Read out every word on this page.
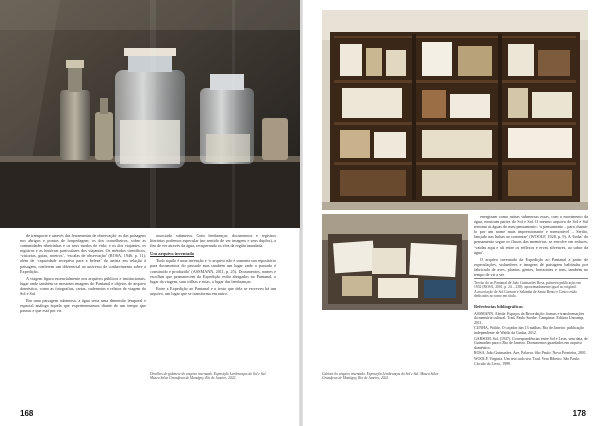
de transporte e através das ferramentas de observação: as das paisagens nos abrigos e pontos de hospedagem; os dos conselheiros, sobre as comunidades ribeirinhas e os seus modos de vida; e os dos viajantes, os registros e as histórias particulares dos viajantes. Os métodos científicos, ‘vistorias, guias, roteiros’, ‘escalas de observação’ (ROSA, 1946, p. 11), além de ‘capacidade receptiva para a beleza’ do artista em relação à paisagem, conferem um diferencial ao universo de conhecimento sobre a Expedição.

A viagem figura essencialmente nos arquivos públicos e institucionais, lugar onde também se mostram imagens do Pantanal e objetos de arquivo doméstico, como as fotografias, cartas, cadernetas e relatos de viagem do Sol e Sal.

Em uma paisagem submersa, a água seria uma dimensão temporal e espacial análoga àquela que experimentamos diante de um tempo que passou e que está por vir.

associado submersa. Com lembranças, documentos e registros literários podemos especular (no sentido de ver imagens e seus duplos), a fim de ver através da água, recuperando os elos da região inundada.

Um arquivo inventado

Tudo aquilo é uma invenção e ‘o arquivo não é somente um repositório para documentos do passado mas também um lugar onde o passado é construído e produzido’ (ASSMANN, 2011, p. 25). Documentos, nomes e escolhas que permanecem da Expedição estão abrigados no Pantanal, o lugar da viagem, suas trilhas e rotas, o lugar das lembranças.

Entre a Expedição ao Pantanal e o texto que dela se escreveu há um arquivo, um lugar que se transforma em outro.

Detalhes do gabinete do arquivo inventado. Exposição Lembranças do Sol e Sal. Museu Solar Grandjean de Montigny, Rio de Janeiro, 2022.
168

energizam como ruínas submersas essas, com o movimento da água, mostram partes do Sol e Sal. O mesmo arquivo de Sol e Sal termina as águas do meu pensamento: ‘o pensamento – para chamá-lo por um nome mais impressionante e memorável – Sertão, lançado nas linhas ao comentar’ (WOOLF, 1928, p. 9). A ‘linha’ do pensamento segue os fluxos das memórias, se envolve em enlaces, ‘vaidas aqui e ali entre os reflexos e ervas silvestres, ao sabor da água’.

O arquivo inventado da Expedição ao Pantanal a partir de especulações, vislumbres e imagens de paisagens habitadas por fabricado de aves, plantas, gentes, horizontes e tons, também no tempo de vir a ser.

Trecho do ao Pantanal de João Guimarães Rosa, primeira publicação em 1952 (ROSA, 2001, p. 24 – 238); aproximadamente igual ao original.
A associação de Sol Garsom e Salamba de Santa Bento e Castro estão dedicados no tomo em título.
Referências bibliográficas

ASSMANN, Aleida. Espaços da Recordação: formas e transformações da memória cultural. Trad. Paulo Soethe. Campinas: Editora Unicamp, 2011.

CUNHA, Waldo. O caçador das 13 malhas. Rio de Janeiro: publicação independente de Waldo da Cunha, 2012.

GARSOM, Sol. (1947). Correspondências entre Sol e Leon, sem data, de Guimarães para o Rio de Janeiro. Documentos guardados em arquivo doméstico.

ROSA, João Guimarães. Ave, Palavra. São Paulo: Nova Fronteira, 2001.

WOOLF, Virginia. Um teto todo seu. Trad. Vera Ribeiro. São Paulo: Círculo do Livro, 1989.

Cabinet do arquivo inventado. Exposição Lembranças do Sol e Sal. Museu Solar Grandjean de Montigny, Rio de Janeiro, 2022.
178
